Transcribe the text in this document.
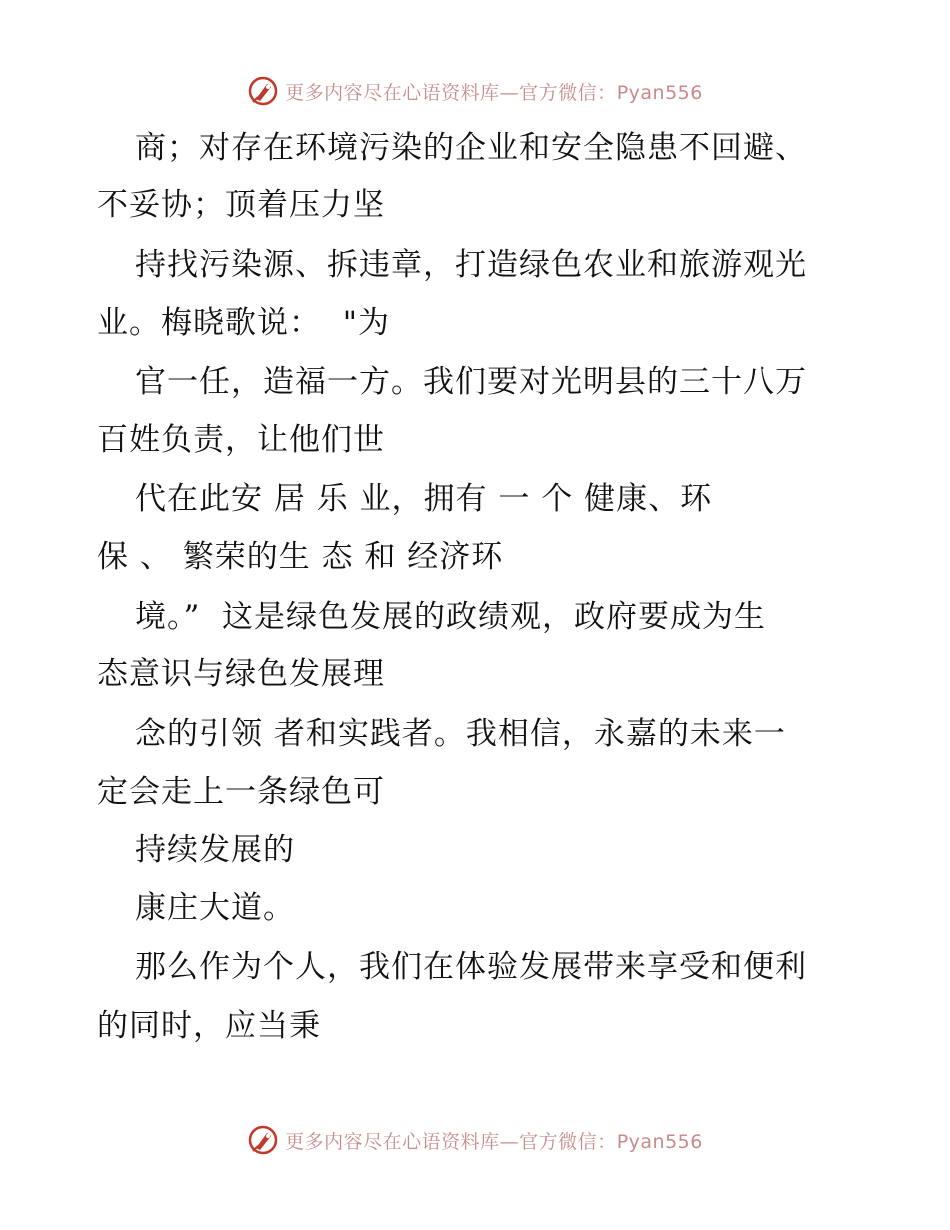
更多内容尽在心语资料库—官方微信：Pyan556
商；对存在环境污染的企业和安全隐患不回避、
不妥协；顶着压力坚
持找污染源、拆违章，打造绿色农业和旅游观光
业。梅晓歌说：  "为
官一任，造福一方。我们要对光明县的三十八万
百姓负责，让他们世
代在此安 居 乐 业，拥有 一 个 健康、环
保 、 繁荣的生 态 和 经济环
境。”  这是绿色发展的政绩观，政府要成为生
态意识与绿色发展理
念的引领 者和实践者。我相信，永嘉的未来一
定会走上一条绿色可
持续发展的
康庄大道。
那么作为个人，我们在体验发展带来享受和便利
的同时，应当秉
更多内容尽在心语资料库—官方微信：Pyan556
